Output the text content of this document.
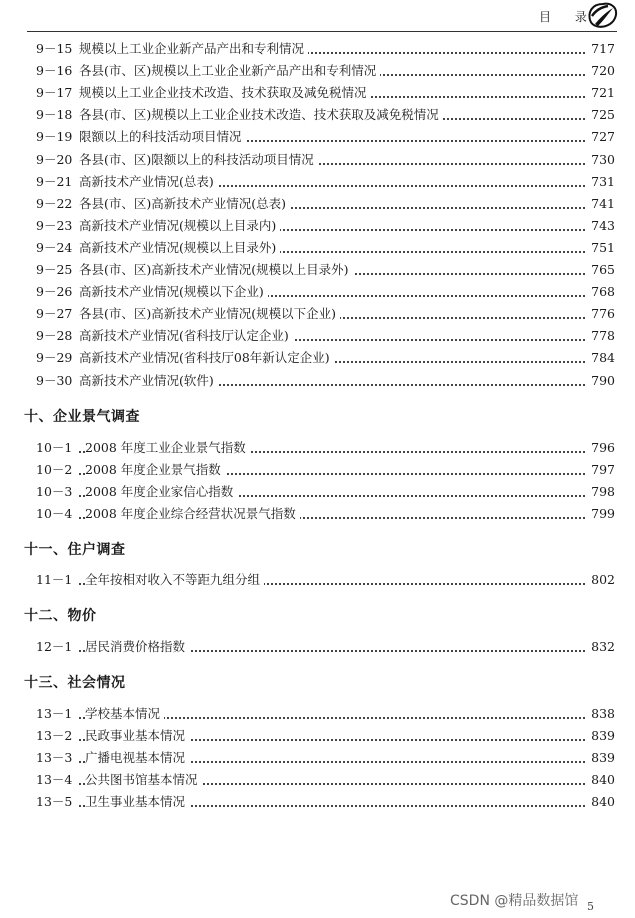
目 录
9－15 规模以上工业企业新产品产出和专利情况	717
9－16 各县(市、区)规模以上工业企业新产品产出和专利情况	720
9－17 规模以上工业企业技术改造、技术获取及减免税情况	721
9－18 各县(市、区)规模以上工业企业技术改造、技术获取及减免税情况	725
9－19 限额以上的科技活动项目情况	727
9－20 各县(市、区)限额以上的科技活动项目情况	730
9－21 高新技术产业情况(总表)	731
9－22 各县(市、区)高新技术产业情况(总表)	741
9－23 高新技术产业情况(规模以上目录内)	743
9－24 高新技术产业情况(规模以上目录外)	751
9－25 各县(市、区)高新技术产业情况(规模以上目录外)	765
9－26 高新技术产业情况(规模以下企业)	768
9－27 各县(市、区)高新技术产业情况(规模以下企业)	776
9－28 高新技术产业情况(省科技厅认定企业)	778
9－29 高新技术产业情况(省科技厅08年新认定企业)	784
9－30 高新技术产业情况(软件)	790
十、企业景气调查
10－1 2008 年度工业企业景气指数	796
10－2 2008 年度企业景气指数	797
10－3 2008 年度企业家信心指数	798
10－4 2008 年度企业综合经营状况景气指数	799
十一、住户调查
11－1 全年按相对收入不等距九组分组	802
十二、物价
12－1 居民消费价格指数	832
十三、社会情况
13－1 学校基本情况	838
13－2 民政事业基本情况	839
13－3 广播电视基本情况	839
13－4 公共图书馆基本情况	840
13－5 卫生事业基本情况	840
CSDN @精品数据馆 5
